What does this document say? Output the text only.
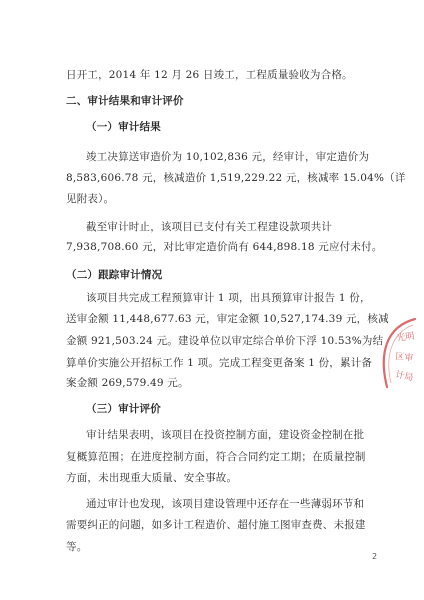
日开工，2014 年 12 月 26 日竣工，工程质量验收为合格。
二、审计结果和审计评价
（一）审计结果
竣工决算送审造价为 10,102,836 元，经审计，审定造价为
8,583,606.78 元，核减造价 1,519,229.22 元，核减率 15.04%（详
见附表）。
截至审计时止，该项目已支付有关工程建设款项共计
7,938,708.60 元，对比审定造价尚有 644,898.18 元应付未付。
（二）跟踪审计情况
该项目共完成工程预算审计 1 项，出具预算审计报告 1 份，
送审金额 11,448,677.63 元，审定金额 10,527,174.39 元，核减
金额 921,503.24 元。建设单位以审定综合单价下浮 10.53%为结
算单价实施公开招标工作 1 项。完成工程变更备案 1 份，累计备
案金额 269,579.49 元。
（三）审计评价
审计结果表明，该项目在投资控制方面，建设资金控制在批
复概算范围；在进度控制方面，符合合同约定工期；在质量控制
方面，未出现重大质量、安全事故。
通过审计也发现，该项目建设管理中还存在一些薄弱环节和
需要纠正的问题，如多计工程造价、超付施工图审查费、未报建
等。
2
光明
区审
计局
